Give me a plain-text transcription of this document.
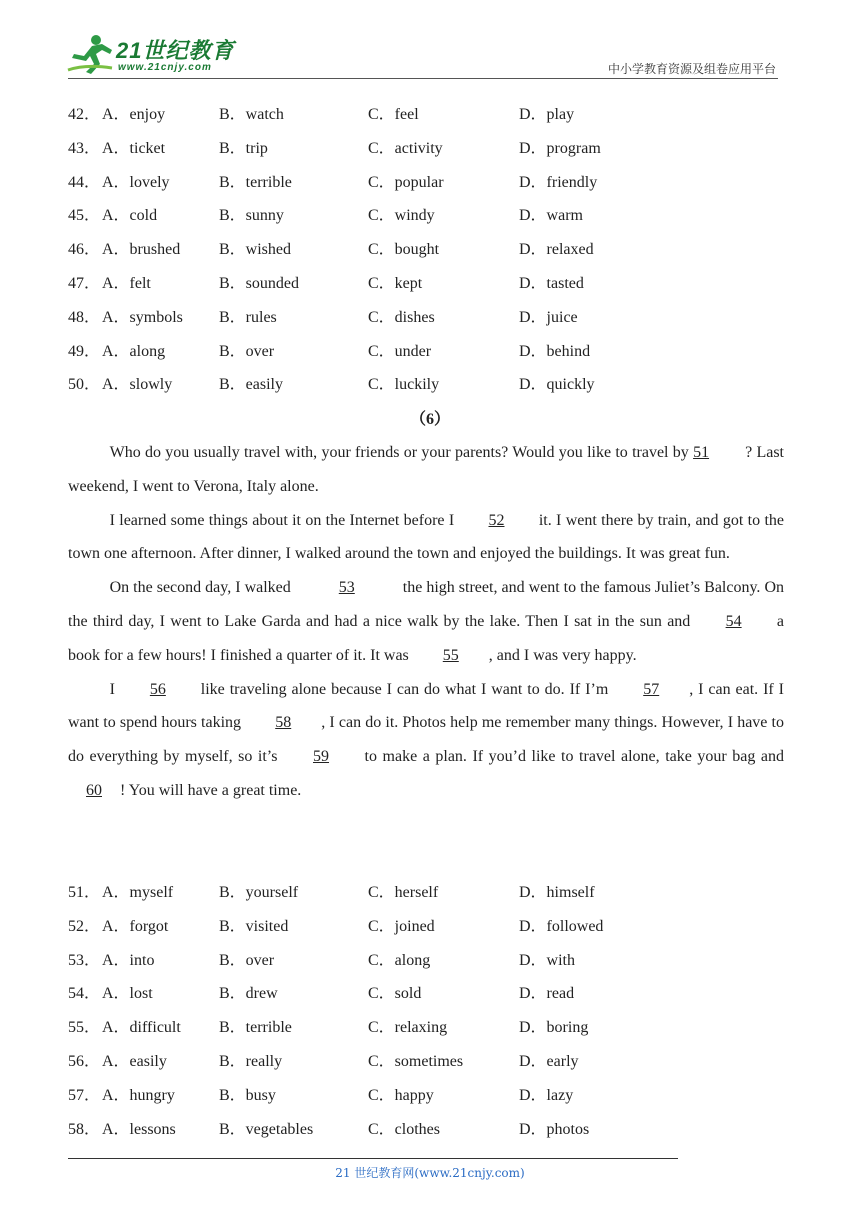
21世纪教育
www.21cnjy.com	中小学教育资源及组卷应用平台
42． A．enjoy	B．watch	C．feel	D．play
43． A．ticket	B．trip	C．activity	D．program
44． A．lovely	B．terrible	C．popular	D．friendly
45． A．cold	B．sunny	C．windy	D．warm
46． A．brushed B．wished	C．bought	D．relaxed
47． A．felt	B．sounded	C．kept	D．tasted
48． A．symbols B．rules	C．dishes	D．juice
49． A．along	B．over	C．under	D．behind
50． A．slowly	B．easily	C．luckily	D．quickly
（6）

Who do you usually travel with, your friends or your parents? Would you like to travel by 51 ? Last weekend, I went to Verona, Italy alone.

I learned some things about it on the Internet before I 52 it. I went there by train, and got to the town one afternoon. After dinner, I walked around the town and enjoyed the buildings. It was great fun.

On the second day, I walked	53	the high street, and went to the famous Juliet’s Balcony. On the third day, I went to Lake Garda and had a nice walk by the lake. Then I sat in the sun and 54 a book for a few hours! I finished a quarter of it. It was 55 , and I was very happy.

I 56 like traveling alone because I can do what I want to do. If I’m 57 , I can eat. If I want to spend hours taking 58 , I can do it. Photos help me remember many things. However, I have to do everything by myself, so it’s 59 to make a plan. If you’d like to travel alone, take your bag and 60 ! You will have a great time.

51． A．myself	B．yourself	C．herself	D．himself
52． A．forgot	B．visited	C．joined	D．followed
53． A．into	B．over	C．along	D．with
54． A．lost	B．drew	C．sold	D．read
55． A．difficult B．terrible	C．relaxing	D．boring
56． A．easily	B．really	C．sometimes	D．early
57． A．hungry	B．busy	C．happy	D．lazy
58． A．lessons	B．vegetables	C．clothes	D．photos
21 世纪教育网(www.21cnjy.com)
